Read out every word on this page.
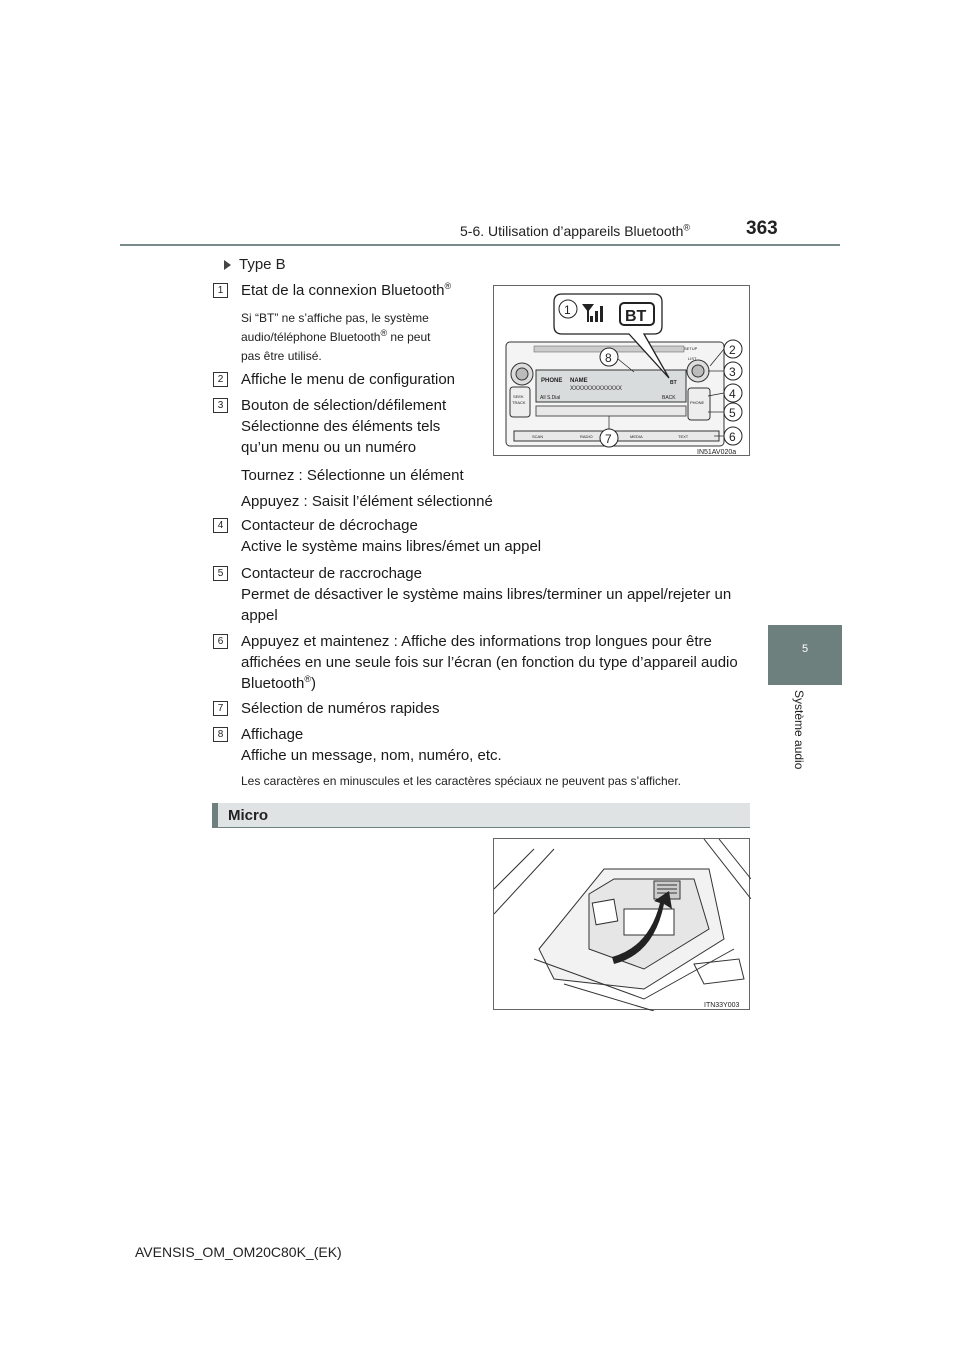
5-6. Utilisation d’appareils Bluetooth®	363
5
Système audio
Type B
1	Etat de la connexion Bluetooth®
Si “BT” ne s’affiche pas, le système
audio/téléphone Bluetooth® ne peut
pas être utilisé.
2	Affiche le menu de configuration
3	Bouton de sélection/défilement
Sélectionne des éléments tels
qu’un menu ou un numéro
Tournez : Sélectionne un élément
Appuyez : Saisit l’élément sélectionné
4	Contacteur de décrochage
Active le système mains libres/émet un appel
5	Contacteur de raccrochage
Permet de désactiver le système mains libres/terminer un appel/rejeter un
appel
6	Appuyez et maintenez : Affiche des informations trop longues pour être
affichées en une seule fois sur l’écran (en fonction du type d’appareil audio
Bluetooth®)
7	Sélection de numéros rapides
8	Affichage
Affiche un message, nom, numéro, etc.
Les caractères en minuscules et les caractères spéciaux ne peuvent pas s’afficher.
PHONE NAME
XXXXXXXXXXXXX
BT
All S.Dial	BACK
SEEK
TRACK	PHONE
SETUP
LIST
SCAN	RADIO	MEDIA	TEXT
BT
1
2
3
4
5
6
7
8
IN51AV020a
Micro
ITN33Y003
AVENSIS_OM_OM20C80K_(EK)
